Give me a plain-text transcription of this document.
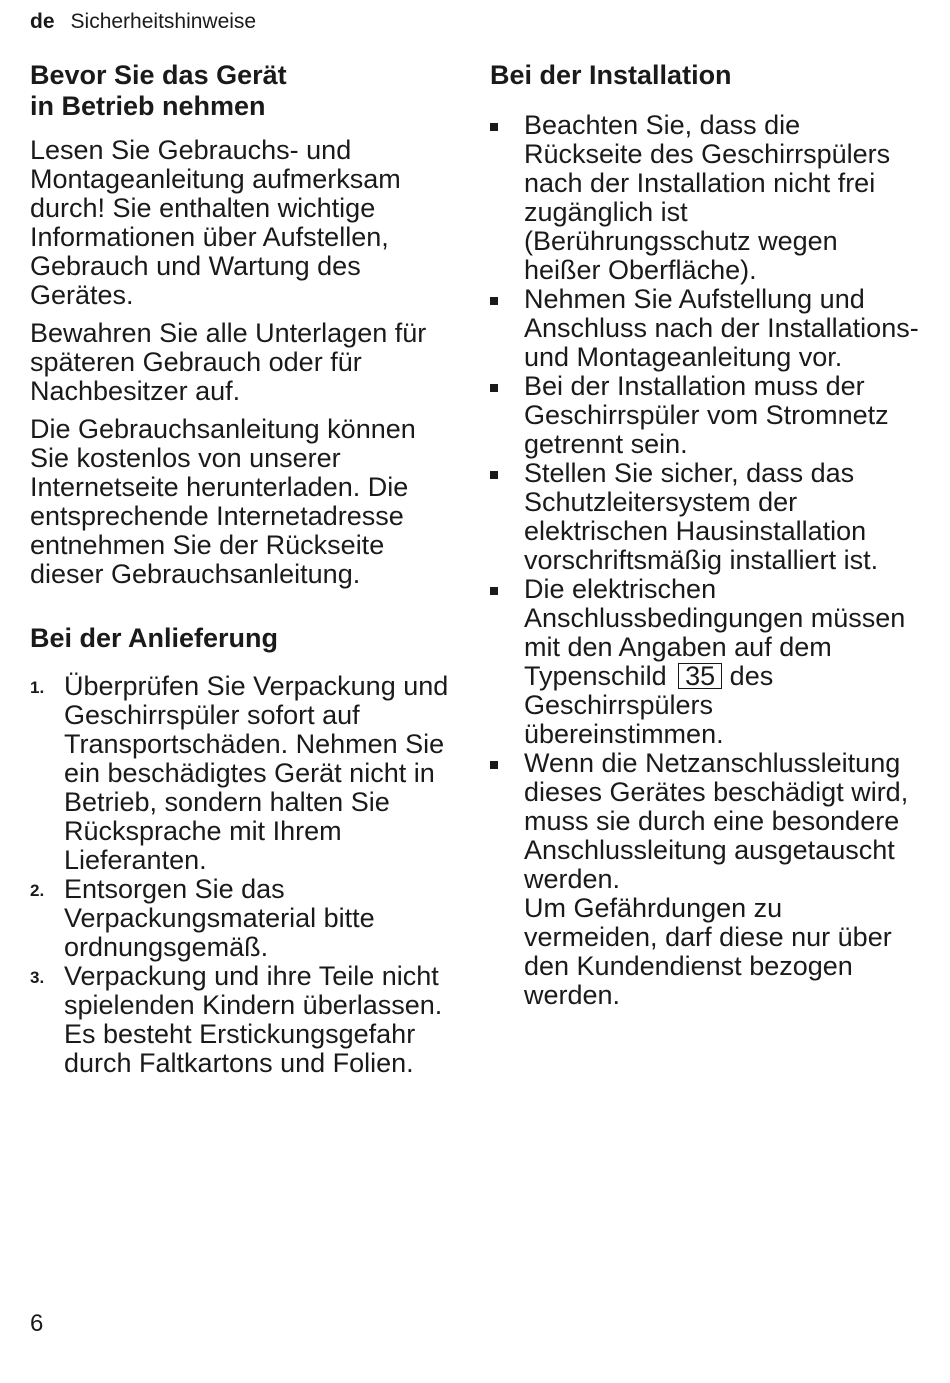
de Sicherheitshinweise
Bevor Sie das Gerät
in Betrieb nehmen

Lesen Sie Gebrauchs- und Montageanleitung aufmerksam durch! Sie enthalten wichtige Informationen über Aufstellen, Gebrauch und Wartung des Gerätes.

Bewahren Sie alle Unterlagen für späteren Gebrauch oder für Nachbesitzer auf.

Die Gebrauchsanleitung können Sie kostenlos von unserer Internetseite herunterladen. Die entsprechende Internetadresse entnehmen Sie der Rückseite dieser Gebrauchsanleitung.

Bei der Anlieferung
1. Überprüfen Sie Verpackung und Geschirrspüler sofort auf Transportschäden. Nehmen Sie ein beschädigtes Gerät nicht in Betrieb, sondern halten Sie Rücksprache mit Ihrem Lieferanten.
2. Entsorgen Sie das Verpackungsmaterial bitte ordnungsgemäß.
3. Verpackung und ihre Teile nicht spielenden Kindern überlassen. Es besteht Erstickungsgefahr durch Faltkartons und Folien.
Bei der Installation
Beachten Sie, dass die Rückseite des Geschirrspülers nach der Installation nicht frei zugänglich ist (Berührungsschutz wegen heißer Oberfläche).
Nehmen Sie Aufstellung und Anschluss nach der Installations- und Montageanleitung vor.
Bei der Installation muss der Geschirrspüler vom Stromnetz getrennt sein.
Stellen Sie sicher, dass das Schutzleitersystem der elektrischen Hausinstallation vorschriftsmäßig installiert ist.
Die elektrischen Anschlussbedingungen müssen mit den Angaben auf dem Typenschild 35 des Geschirrspülers übereinstimmen.
Wenn die Netzanschlussleitung dieses Gerätes beschädigt wird, muss sie durch eine besondere Anschlussleitung ausgetauscht werden.
Um Gefährdungen zu vermeiden, darf diese nur über den Kundendienst bezogen werden.
6
